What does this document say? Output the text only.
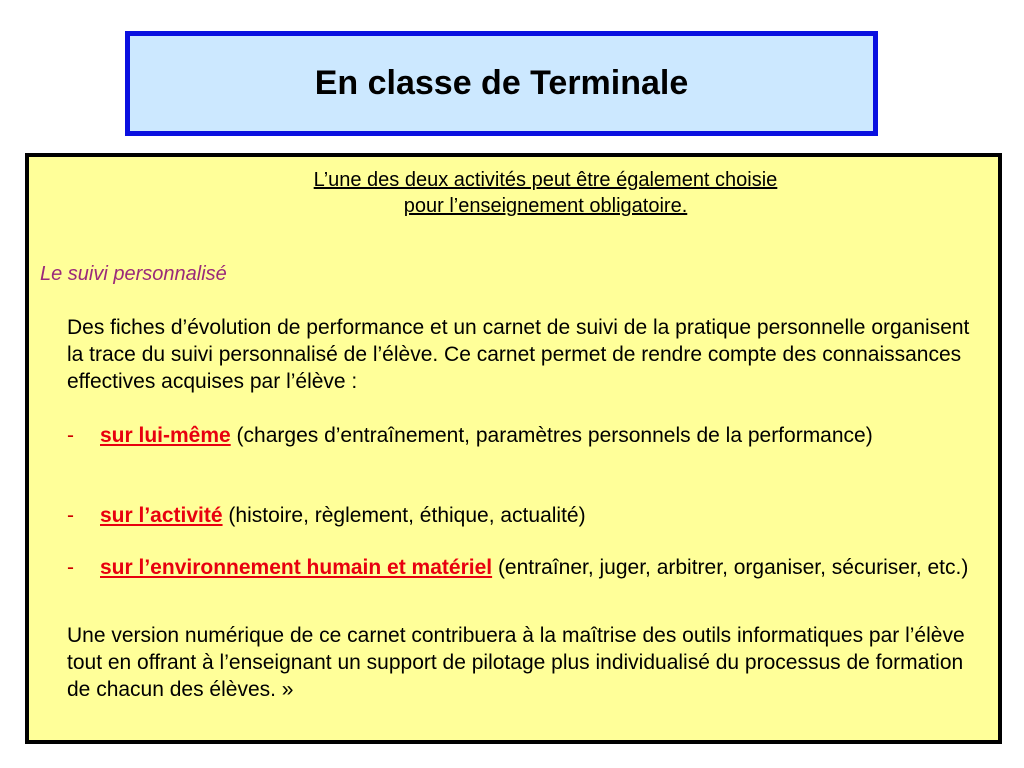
En classe de Terminale
L’une des deux activités peut être également choisie
pour l’enseignement obligatoire.
Le suivi personnalisé

Des fiches d’évolution de performance et un carnet de suivi de la pratique personnelle organisent la trace du suivi personnalisé de l’élève. Ce carnet permet de rendre compte des connaissances effectives acquises par l’élève :

- sur lui-même (charges d’entraînement, paramètres personnels de la performance)
- sur l’activité (histoire, règlement, éthique, actualité)
- sur l’environnement humain et matériel (entraîner, juger, arbitrer, organiser, sécuriser, etc.)

Une version numérique de ce carnet contribuera à la maîtrise des outils informatiques par l’élève tout en offrant à l’enseignant un support de pilotage plus individualisé du processus de formation de chacun des élèves. »
